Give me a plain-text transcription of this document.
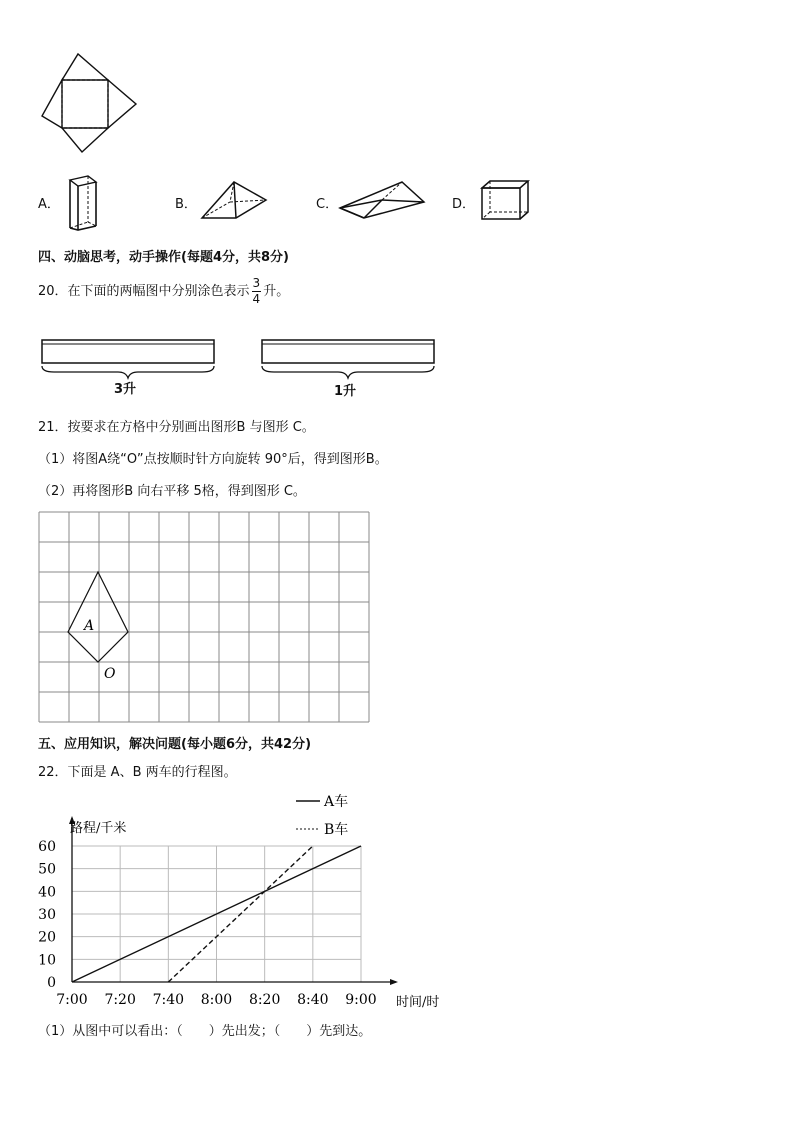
A．	B．	C．	D．
四、动脑思考，动手操作(每题4分，共8分)
20．在下面的两幅图中分别涂色表示 $\frac{3}{4}$ 升。
3升	1升
21．按要求在方格中分别画出图形B 与图形 C。
（1）将图A绕“O”点按顺时针方向旋转 90°后，得到图形B。
（2）再将图形B 向右平移 5格，得到图形 C。
A
O
五、应用知识，解决问题(每小题6分，共42分)
22．下面是 A、B 两车的行程图。
0
10
20
30
40
50
60
7:00 7:20 7:40 8:00 8:20 8:40 9:00
路程/千米
时间/时
A车
B车
（1）从图中可以看出：（　　）先出发；（　　）先到达。
